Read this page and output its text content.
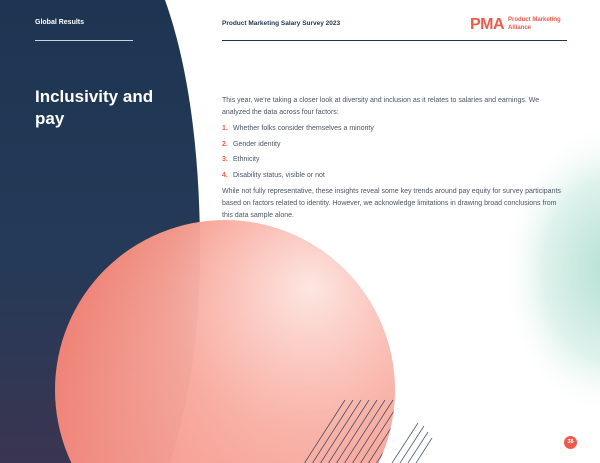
Global Results	Product Marketing Salary Survey 2023	PMA Product Marketing Alliance
Inclusivity and pay

This year, we're taking a closer look at diversity and inclusion as it relates to salaries and earnings. We analyzed the data across four factors:

1. Whether folks consider themselves a minority
2. Gender identity
3. Ethnicity
4. Disability status, visible or not

While not fully representative, these insights reveal some key trends around pay equity for survey participants based on factors related to identity. However, we acknowledge limitations in drawing broad conclusions from this data sample alone.

38
